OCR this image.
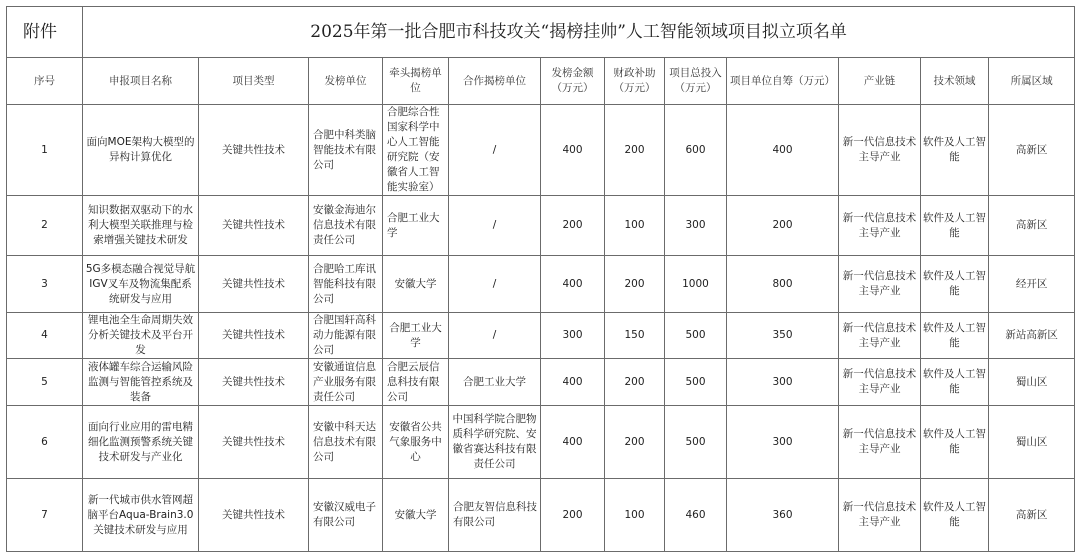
附件	2025年第一批合肥市科技攻关“揭榜挂帅”人工智能领域项目拟立项名单											
序号	申报项目名称	项目类型	发榜单位	牵头揭榜单位	合作揭榜单位	发榜金额（万元）	财政补助（万元）	项目总投入（万元）	项目单位自筹（万元）	产业链	技术领域	所属区域
1	面向MOE架构大模型的异构计算优化	关键共性技术	合肥中科类脑智能技术有限公司	合肥综合性国家科学中心人工智能研究院（安徽省人工智能实验室）	/	400	200	600	400	新一代信息技术主导产业	软件及人工智能	高新区
2	知识数据双驱动下的水利大模型关联推理与检索增强关键技术研发	关键共性技术	安徽金海迪尔信息技术有限责任公司	合肥工业大学	/	200	100	300	200	新一代信息技术主导产业	软件及人工智能	高新区
3	5G多模态融合视觉导航IGV叉车及物流集配系统研发与应用	关键共性技术	合肥哈工库讯智能科技有限公司	安徽大学	/	400	200	1000	800	新一代信息技术主导产业	软件及人工智能	经开区
4	锂电池全生命周期失效分析关键技术及平台开发	关键共性技术	合肥国轩高科动力能源有限公司	合肥工业大学	/	300	150	500	350	新一代信息技术主导产业	软件及人工智能	新站高新区
5	液体罐车综合运输风险监测与智能管控系统及装备	关键共性技术	安徽通谊信息产业服务有限责任公司	合肥云辰信息科技有限公司	合肥工业大学	400	200	500	300	新一代信息技术主导产业	软件及人工智能	蜀山区
6	面向行业应用的雷电精细化监测预警系统关键技术研发与产业化	关键共性技术	安徽中科天达信息技术有限公司	安徽省公共气象服务中心	中国科学院合肥物质科学研究院、安徽省赛达科技有限责任公司	400	200	500	300	新一代信息技术主导产业	软件及人工智能	蜀山区
7	新一代城市供水管网超脑平台Aqua-Brain3.0关键技术研发与应用	关键共性技术	安徽汉威电子有限公司	安徽大学	合肥友智信息科技有限公司	200	100	460	360	新一代信息技术主导产业	软件及人工智能	高新区
